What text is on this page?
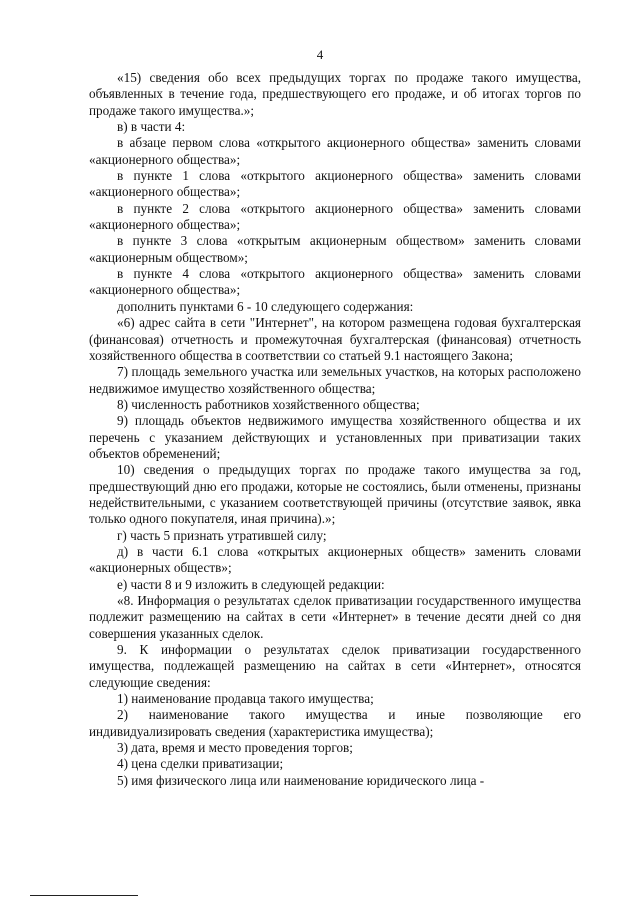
4

«15) сведения обо всех предыдущих торгах по продаже такого имущества, объявленных в течение года, предшествующего его продаже, и об итогах торгов по продаже такого имущества.»;

в) в части 4:

в абзаце первом слова «открытого акционерного общества» заменить словами «акционерного общества»;

в пункте 1 слова «открытого акционерного общества» заменить словами «акционерного общества»;

в пункте 2 слова «открытого акционерного общества» заменить словами «акционерного общества»;

в пункте 3 слова «открытым акционерным обществом» заменить словами «акционерным обществом»;

в пункте 4 слова «открытого акционерного общества» заменить словами «акционерного общества»;

дополнить пунктами 6 - 10 следующего содержания:

«6) адрес сайта в сети "Интернет", на котором размещена годовая бухгалтерская (финансовая) отчетность и промежуточная бухгалтерская (финансовая) отчетность хозяйственного общества в соответствии со статьей 9.1 настоящего Закона;

7) площадь земельного участка или земельных участков, на которых расположено недвижимое имущество хозяйственного общества;

8) численность работников хозяйственного общества;

9) площадь объектов недвижимого имущества хозяйственного общества и их перечень с указанием действующих и установленных при приватизации таких объектов обременений;

10) сведения о предыдущих торгах по продаже такого имущества за год, предшествующий дню его продажи, которые не состоялись, были отменены, признаны недействительными, с указанием соответствующей причины (отсутствие заявок, явка только одного покупателя, иная причина).»;

г) часть 5 признать утратившей силу;

д) в части 6.1 слова «открытых акционерных обществ» заменить словами «акционерных обществ»;

е) части 8 и 9 изложить в следующей редакции:

«8. Информация о результатах сделок приватизации государственного имущества подлежит размещению на сайтах в сети «Интернет» в течение десяти дней со дня совершения указанных сделок.

9. К информации о результатах сделок приватизации государственного имущества, подлежащей размещению на сайтах в сети «Интернет», относятся следующие сведения:

1) наименование продавца такого имущества;

2) наименование такого имущества и иные позволяющие его индивидуализировать сведения (характеристика имущества);

3) дата, время и место проведения торгов;

4) цена сделки приватизации;

5) имя физического лица или наименование юридического лица -
